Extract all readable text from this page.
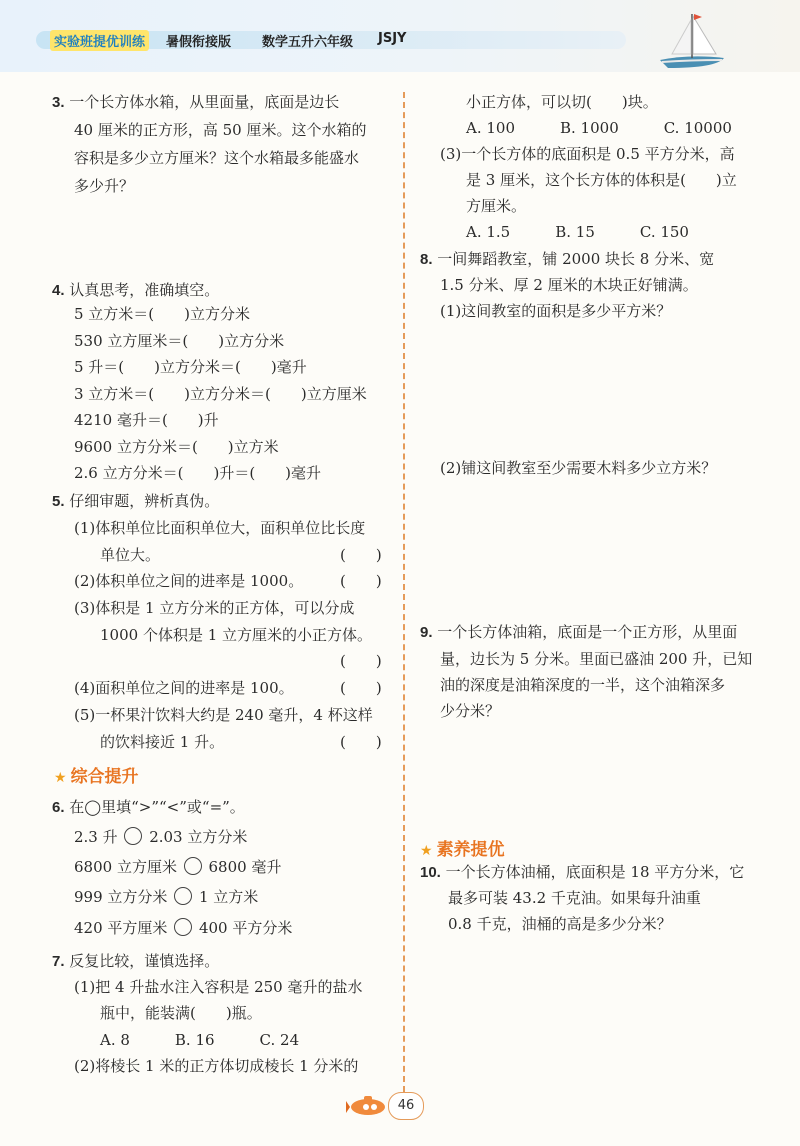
实验班提优训练	暑假衔接版 数学五升六年级 JSJY
3. 一个长方体水箱，从里面量，底面是边长
40 厘米的正方形，高 50 厘米。这个水箱的
容积是多少立方厘米？这个水箱最多能盛水
多少升？
4. 认真思考，准确填空。
5 立方米＝(　　)立方分米
530 立方厘米＝(　　)立方分米
5 升＝(　　)立方分米＝(　　)毫升
3 立方米＝(　　)立方分米＝(　　)立方厘米
4210 毫升＝(　　)升
9600 立方分米＝(　　)立方米
2.6 立方分米＝(　　)升＝(　　)毫升
5. 仔细审题，辨析真伪。
(1)体积单位比面积单位大，面积单位比长度
单位大。	(　　)
(2)体积单位之间的进率是 1000。 (　　)
(3)体积是 1 立方分米的正方体，可以分成
1000 个体积是 1 立方厘米的小正方体。
(　　)
(4)面积单位之间的进率是 100。	(　　)
(5)一杯果汁饮料大约是 240 毫升，4 杯这样
的饮料接近 1 升。	(　　)
★ 综合提升
6. 在◯里填“>”“<”或“=”。
2.3 升 2.03 立方分米
6800 立方厘米 6800 毫升
999 立方分米 1 立方米
420 平方厘米 400 平方分米
7. 反复比较，谨慎选择。
(1)把 4 升盐水注入容积是 250 毫升的盐水
瓶中，能装满(　　)瓶。
A. 8　　　B. 16　　　C. 24
(2)将棱长 1 米的正方体切成棱长 1 分米的
小正方体，可以切(　　)块。
A. 100　　　B. 1000　　　C. 10000
(3)一个长方体的底面积是 0.5 平方分米，高
是 3 厘米，这个长方体的体积是(　　)立
方厘米。
A. 1.5　　　B. 15　　　C. 150
8. 一间舞蹈教室，铺 2000 块长 8 分米、宽
1.5 分米、厚 2 厘米的木块正好铺满。
(1)这间教室的面积是多少平方米？
(2)铺这间教室至少需要木料多少立方米？
9. 一个长方体油箱，底面是一个正方形，从里面
量，边长为 5 分米。里面已盛油 200 升，已知
油的深度是油箱深度的一半，这个油箱深多
少分米？
★ 素养提优
10. 一个长方体油桶，底面积是 18 平方分米，它
最多可装 43.2 千克油。如果每升油重
0.8 千克，油桶的高是多少分米？
46
